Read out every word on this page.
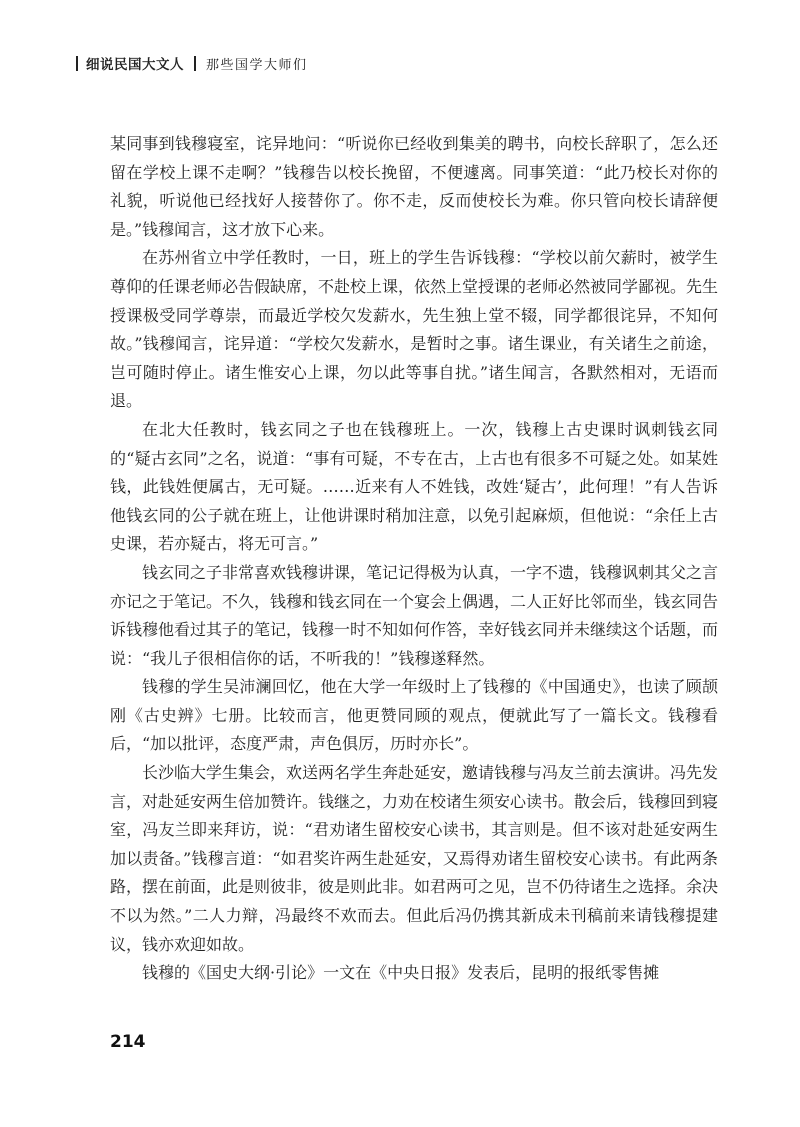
细说民国大文人 那些国学大师们

某同事到钱穆寝室，诧异地问：“听说你已经收到集美的聘书，向校长辞职了，怎么还留在学校上课不走啊？”钱穆告以校长挽留，不便遽离。同事笑道：“此乃校长对你的礼貌，听说他已经找好人接替你了。你不走，反而使校长为难。你只管向校长请辞便是。”钱穆闻言，这才放下心来。

在苏州省立中学任教时，一日，班上的学生告诉钱穆：“学校以前欠薪时，被学生尊仰的任课老师必告假缺席，不赴校上课，依然上堂授课的老师必然被同学鄙视。先生授课极受同学尊崇，而最近学校欠发薪水，先生独上堂不辍，同学都很诧异，不知何故。”钱穆闻言，诧异道：“学校欠发薪水，是暂时之事。诸生课业，有关诸生之前途，岂可随时停止。诸生惟安心上课，勿以此等事自扰。”诸生闻言，各默然相对，无语而退。

在北大任教时，钱玄同之子也在钱穆班上。一次，钱穆上古史课时讽刺钱玄同的“疑古玄同”之名，说道：“事有可疑，不专在古，上古也有很多不可疑之处。如某姓钱，此钱姓便属古，无可疑。……近来有人不姓钱，改姓‘疑古’，此何理！”有人告诉他钱玄同的公子就在班上，让他讲课时稍加注意，以免引起麻烦，但他说：“余任上古史课，若亦疑古，将无可言。”

钱玄同之子非常喜欢钱穆讲课，笔记记得极为认真，一字不遗，钱穆讽刺其父之言亦记之于笔记。不久，钱穆和钱玄同在一个宴会上偶遇，二人正好比邻而坐，钱玄同告诉钱穆他看过其子的笔记，钱穆一时不知如何作答，幸好钱玄同并未继续这个话题，而说：“我儿子很相信你的话，不听我的！”钱穆遂释然。

钱穆的学生吴沛澜回忆，他在大学一年级时上了钱穆的《中国通史》，也读了顾颉刚《古史辨》七册。比较而言，他更赞同顾的观点，便就此写了一篇长文。钱穆看后，“加以批评，态度严肃，声色俱厉，历时亦长”。

长沙临大学生集会，欢送两名学生奔赴延安，邀请钱穆与冯友兰前去演讲。冯先发言，对赴延安两生倍加赞许。钱继之，力劝在校诸生须安心读书。散会后，钱穆回到寝室，冯友兰即来拜访，说：“君劝诸生留校安心读书，其言则是。但不该对赴延安两生加以责备。”钱穆言道：“如君奖许两生赴延安，又焉得劝诸生留校安心读书。有此两条路，摆在前面，此是则彼非，彼是则此非。如君两可之见，岂不仍待诸生之选择。余决不以为然。”二人力辩，冯最终不欢而去。但此后冯仍携其新成未刊稿前来请钱穆提建议，钱亦欢迎如故。

钱穆的《国史大纲·引论》一文在《中央日报》发表后，昆明的报纸零售摊

214
